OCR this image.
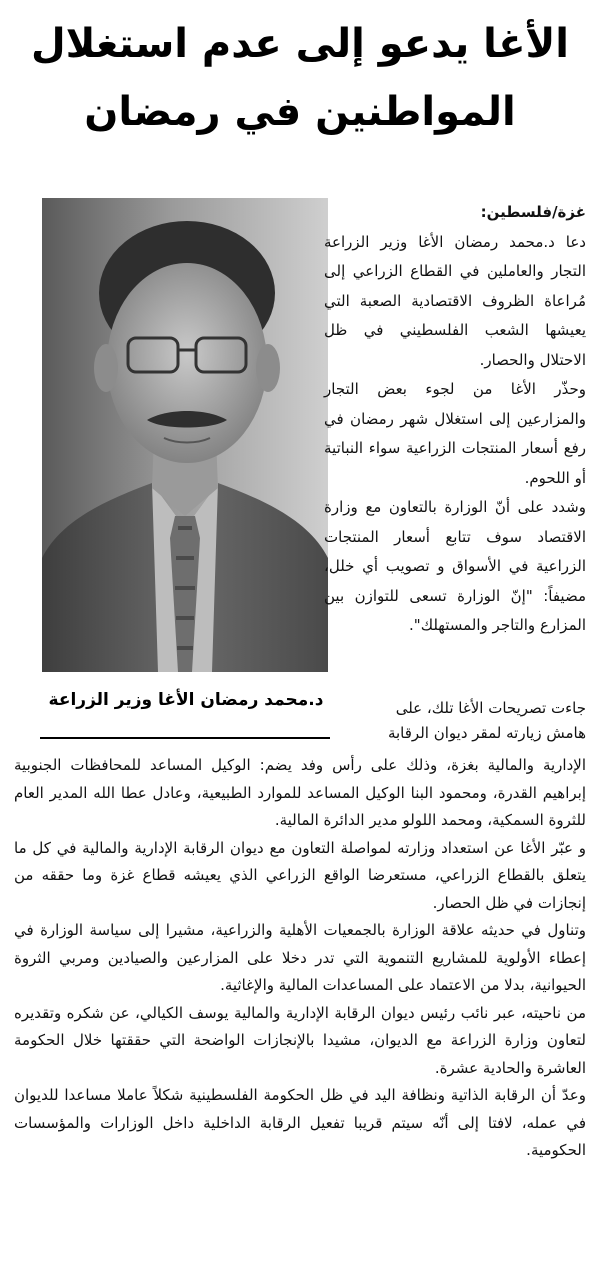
الأغا يدعو إلى عدم استغلال
المواطنين في رمضان
د.محمد رمضان الأغا وزير الزراعة

غزة/فلسطين:

دعا د.محمد رمضان الأغا وزير الزراعة التجار والعاملين في القطاع الزراعي إلى مُراعاة الظروف الاقتصادية الصعبة التي يعيشها الشعب الفلسطيني في ظل الاحتلال والحصار.

وحذّر الأغا من لجوء بعض التجار والمزارعين إلى استغلال شهر رمضان في رفع أسعار المنتجات الزراعية سواء النباتية أو اللحوم.

وشدد على أنّ الوزارة بالتعاون مع وزارة الاقتصاد سوف تتابع أسعار المنتجات الزراعية في الأسواق و تصويب أي خلل، مضيفاً: "إنّ الوزارة تسعى للتوازن بين المزارع والتاجر والمستهلك".

جاءت تصريحات الأغا تلك، على
هامش زيارته لمقر ديوان الرقابة

الإدارية والمالية بغزة، وذلك على رأس وفد يضم: الوكيل المساعد للمحافظات الجنوبية إبراهيم القدرة، ومحمود البنا الوكيل المساعد للموارد الطبيعية، وعادل عطا الله المدير العام للثروة السمكية، ومحمد اللولو مدير الدائرة المالية.

و عبّر الأغا عن استعداد وزارته لمواصلة التعاون مع ديوان الرقابة الإدارية والمالية في كل ما يتعلق بالقطاع الزراعي، مستعرضا الواقع الزراعي الذي يعيشه قطاع غزة وما حققه من إنجازات في ظل الحصار.

وتناول في حديثه علاقة الوزارة بالجمعيات الأهلية والزراعية، مشيرا إلى سياسة الوزارة في إعطاء الأولوية للمشاريع التنموية التي تدر دخلا على المزارعين والصيادين ومربي الثروة الحيوانية، بدلا من الاعتماد على المساعدات المالية والإغاثية.

من ناحيته، عبر نائب رئيس ديوان الرقابة الإدارية والمالية يوسف الكيالي، عن شكره وتقديره لتعاون وزارة الزراعة مع الديوان، مشيدا بالإنجازات الواضحة التي حققتها خلال الحكومة العاشرة والحادية عشرة.

وعدّ أن الرقابة الذاتية ونظافة اليد في ظل الحكومة الفلسطينية شكلاً عاملا مساعدا للديوان في عمله، لافتا إلى أنّه سيتم قريبا تفعيل الرقابة الداخلية داخل الوزارات والمؤسسات الحكومية.
